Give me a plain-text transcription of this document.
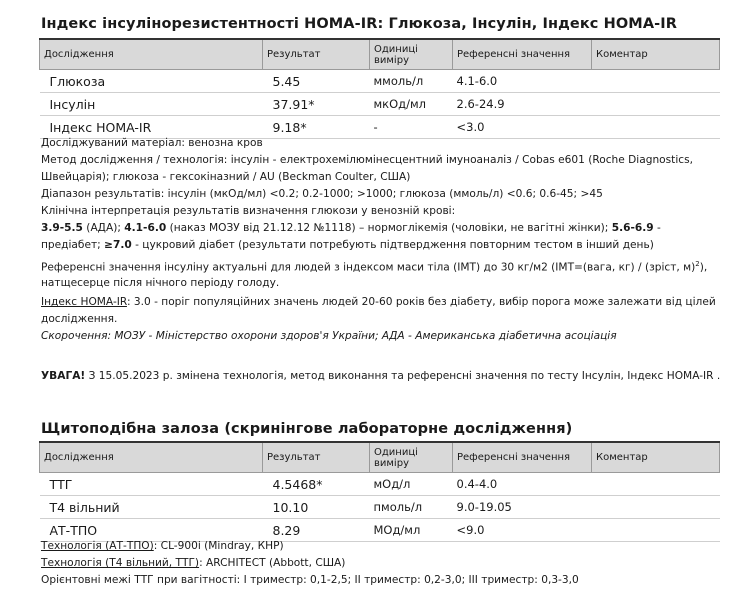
Індекс інсулінорезистентності HOMA-IR: Глюкоза, Інсулін, Індекс HOMA-IR
Дослідження	Результат	Одиниці виміру	Референсні значення	Коментар
Глюкоза	5.45	ммоль/л	4.1-6.0	
Інсулін	37.91*	мкОд/мл	2.6-24.9	
Індекс HOMA-IR	9.18*	-	<3.0	
Досліджуваний матеріал: венозна кров
Метод дослідження / технологія: інсулін - електрохемілюмінесцентний імуноаналіз / Cobas e601 (Roche Diagnostics,
Швейцарія); глюкоза - гексокіназний / AU (Beckman Coulter, США)
Діапазон результатів: інсулін (мкОд/мл) <0.2; 0.2-1000; >1000; глюкоза (ммоль/л) <0.6; 0.6-45; >45
Клінічна інтерпретація результатів визначення глюкози у венозній крові:
3.9-5.5 (АДА); 4.1-6.0 (наказ МОЗУ від 21.12.12 №1118) – нормоглікемія (чоловіки, не вагітні жінки); 5.6-6.9 -
предіабет; ≥7.0 - цукровий діабет (результати потребують підтвердження повторним тестом в інший день)
Референсні значення інсуліну актуальні для людей з індексом маси тіла (ІМТ) до 30 кг/м2 (ІМТ=(вага, кг) / (зріст, м)$^2$),
натщесерце після нічного періоду голоду.
Індекс HOMA-IR: 3.0 - поріг популяційних значень людей 20-60 років без діабету, вибір порога може залежати від цілей
дослідження.
Скорочення: МОЗУ - Міністерство охорони здоров'я України; АДА - Американська діабетична асоціація
УВАГА! З 15.05.2023 р. змінена технологія, метод виконання та референсні значення по тесту Інсулін, Індекс HOMA-IR .
Щитоподібна залоза (скринінгове лабораторне дослідження)
Дослідження	Результат	Одиниці виміру	Референсні значення	Коментар
ТТГ	4.5468*	мОд/л	0.4-4.0	
Т4 вільний	10.10	пмоль/л	9.0-19.05	
АТ-ТПО	8.29	МОд/мл	<9.0	
Технологія (АТ-ТПО): CL-900i (Mindray, КНР)
Технологія (Т4 вільний, ТТГ): ARCHITECT (Abbott, США)
Орієнтовні межі ТТГ при вагітності: І триместр: 0,1-2,5; ІІ триместр: 0,2-3,0; ІІІ триместр: 0,3-3,0
